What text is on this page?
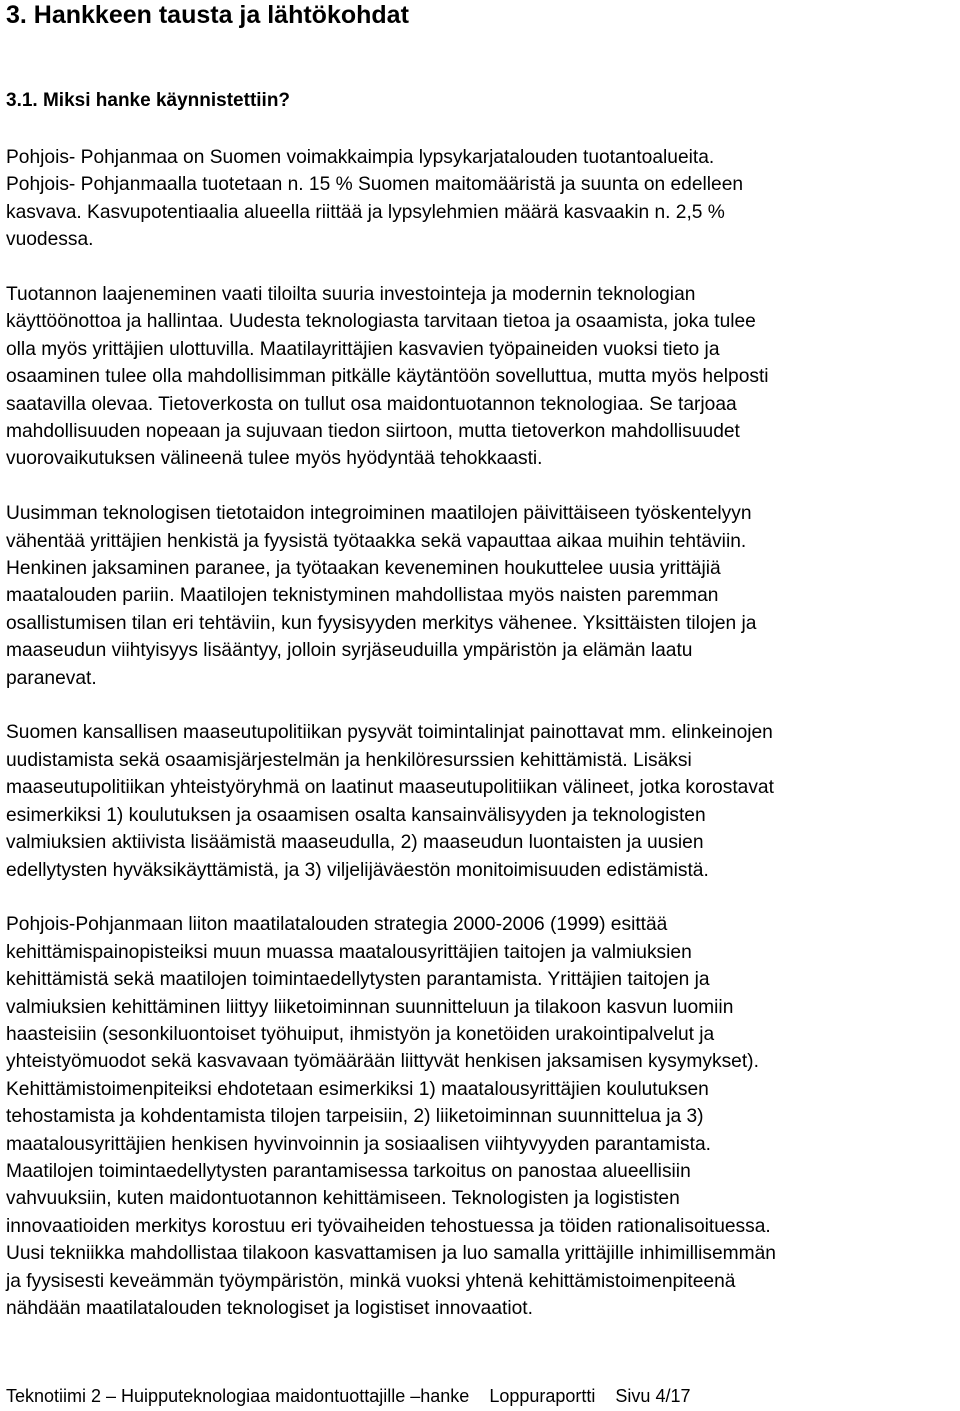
3. Hankkeen tausta ja lähtökohdat
3.1. Miksi hanke käynnistettiin?

Pohjois- Pohjanmaa on Suomen voimakkaimpia lypsykarjatalouden tuotantoalueita.
Pohjois- Pohjanmaalla tuotetaan n. 15 % Suomen maitomääristä ja suunta on edelleen
kasvava. Kasvupotentiaalia alueella riittää ja lypsylehmien määrä kasvaakin n. 2,5 %
vuodessa.

Tuotannon laajeneminen vaati tiloilta suuria investointeja ja modernin teknologian
käyttöönottoa ja hallintaa. Uudesta teknologiasta tarvitaan tietoa ja osaamista, joka tulee
olla myös yrittäjien ulottuvilla. Maatilayrittäjien kasvavien työpaineiden vuoksi tieto ja
osaaminen tulee olla mahdollisimman pitkälle käytäntöön sovelluttua, mutta myös helposti
saatavilla olevaa. Tietoverkosta on tullut osa maidontuotannon teknologiaa. Se tarjoaa
mahdollisuuden nopeaan ja sujuvaan tiedon siirtoon, mutta tietoverkon mahdollisuudet
vuorovaikutuksen välineenä tulee myös hyödyntää tehokkaasti.

Uusimman teknologisen tietotaidon integroiminen maatilojen päivittäiseen työskentelyyn
vähentää yrittäjien henkistä ja fyysistä työtaakka sekä vapauttaa aikaa muihin tehtäviin.
Henkinen jaksaminen paranee, ja työtaakan keveneminen houkuttelee uusia yrittäjiä
maatalouden pariin. Maatilojen teknistyminen mahdollistaa myös naisten paremman
osallistumisen tilan eri tehtäviin, kun fyysisyyden merkitys vähenee. Yksittäisten tilojen ja
maaseudun viihtyisyys lisääntyy, jolloin syrjäseuduilla ympäristön ja elämän laatu
paranevat.

Suomen kansallisen maaseutupolitiikan pysyvät toimintalinjat painottavat mm. elinkeinojen
uudistamista sekä osaamisjärjestelmän ja henkilöresurssien kehittämistä. Lisäksi
maaseutupolitiikan yhteistyöryhmä on laatinut maaseutupolitiikan välineet, jotka korostavat
esimerkiksi 1) koulutuksen ja osaamisen osalta kansainvälisyyden ja teknologisten
valmiuksien aktiivista lisäämistä maaseudulla, 2) maaseudun luontaisten ja uusien
edellytysten hyväksikäyttämistä, ja 3) viljelijäväestön monitoimisuuden edistämistä.

Pohjois-Pohjanmaan liiton maatilatalouden strategia 2000-2006 (1999) esittää
kehittämispainopisteiksi muun muassa maatalousyrittäjien taitojen ja valmiuksien
kehittämistä sekä maatilojen toimintaedellytysten parantamista. Yrittäjien taitojen ja
valmiuksien kehittäminen liittyy liiketoiminnan suunnitteluun ja tilakoon kasvun luomiin
haasteisiin (sesonkiluontoiset työhuiput, ihmistyön ja konetöiden urakointipalvelut ja
yhteistyömuodot sekä kasvavaan työmäärään liittyvät henkisen jaksamisen kysymykset).
Kehittämistoimenpiteiksi ehdotetaan esimerkiksi 1) maatalousyrittäjien koulutuksen
tehostamista ja kohdentamista tilojen tarpeisiin, 2) liiketoiminnan suunnittelua ja 3)
maatalousyrittäjien henkisen hyvinvoinnin ja sosiaalisen viihtyvyyden parantamista.
Maatilojen toimintaedellytysten parantamisessa tarkoitus on panostaa alueellisiin
vahvuuksiin, kuten maidontuotannon kehittämiseen. Teknologisten ja logististen
innovaatioiden merkitys korostuu eri työvaiheiden tehostuessa ja töiden rationalisoituessa.
Uusi tekniikka mahdollistaa tilakoon kasvattamisen ja luo samalla yrittäjille inhimillisemmän
ja fyysisesti keveämmän työympäristön, minkä vuoksi yhtenä kehittämistoimenpiteenä
nähdään maatilatalouden teknologiset ja logistiset innovaatiot.

Teknotiimi 2 – Huipputeknologiaa maidontuottajille –hanke Loppuraportti Sivu 4/17
